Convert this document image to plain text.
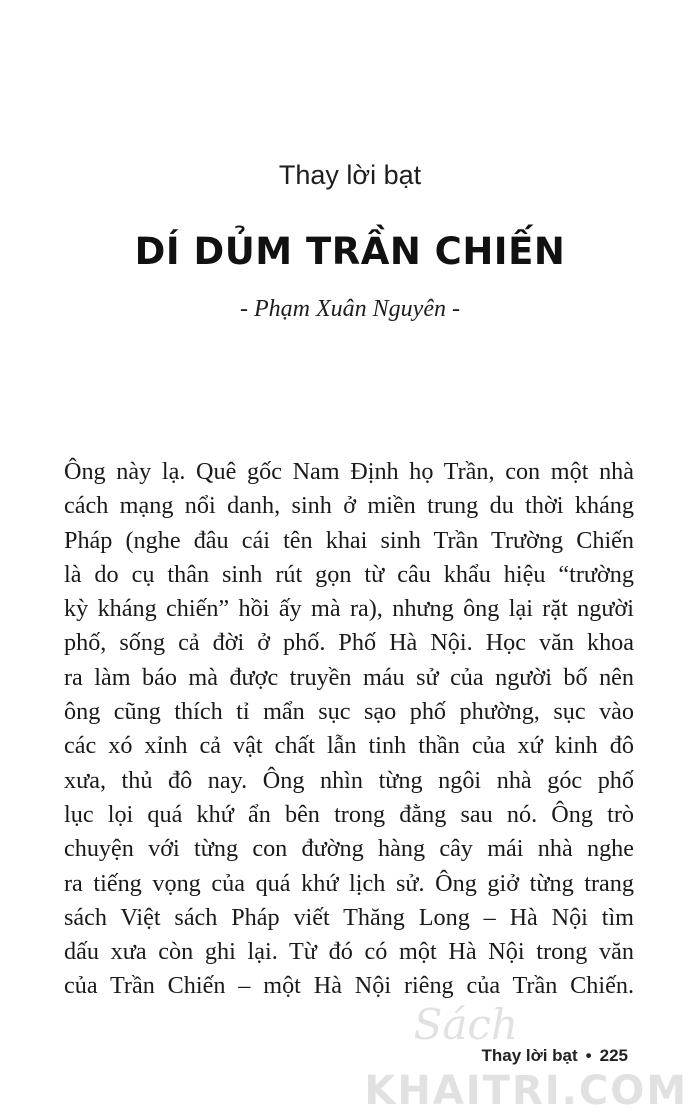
Thay lời bạt
DÍ DỦM TRẦN CHIẾN
- Phạm Xuân Nguyên -
Ông này lạ. Quê gốc Nam Định họ Trần, con một nhà
cách mạng nổi danh, sinh ở miền trung du thời kháng
Pháp (nghe đâu cái tên khai sinh Trần Trường Chiến
là do cụ thân sinh rút gọn từ câu khẩu hiệu “trường
kỳ kháng chiến” hồi ấy mà ra), nhưng ông lại rặt người
phố, sống cả đời ở phố. Phố Hà Nội. Học văn khoa
ra làm báo mà được truyền máu sử của người bố nên
ông cũng thích tỉ mẩn sục sạo phố phường, sục vào
các xó xỉnh cả vật chất lẫn tinh thần của xứ kinh đô
xưa, thủ đô nay. Ông nhìn từng ngôi nhà góc phố
lục lọi quá khứ ẩn bên trong đằng sau nó. Ông trò
chuyện với từng con đường hàng cây mái nhà nghe
ra tiếng vọng của quá khứ lịch sử. Ông giở từng trang
sách Việt sách Pháp viết Thăng Long – Hà Nội tìm
dấu xưa còn ghi lại. Từ đó có một Hà Nội trong văn
của Trần Chiến – một Hà Nội riêng của Trần Chiến.
Sách
KHAITRI.COM
Thay lời bạt • 225
